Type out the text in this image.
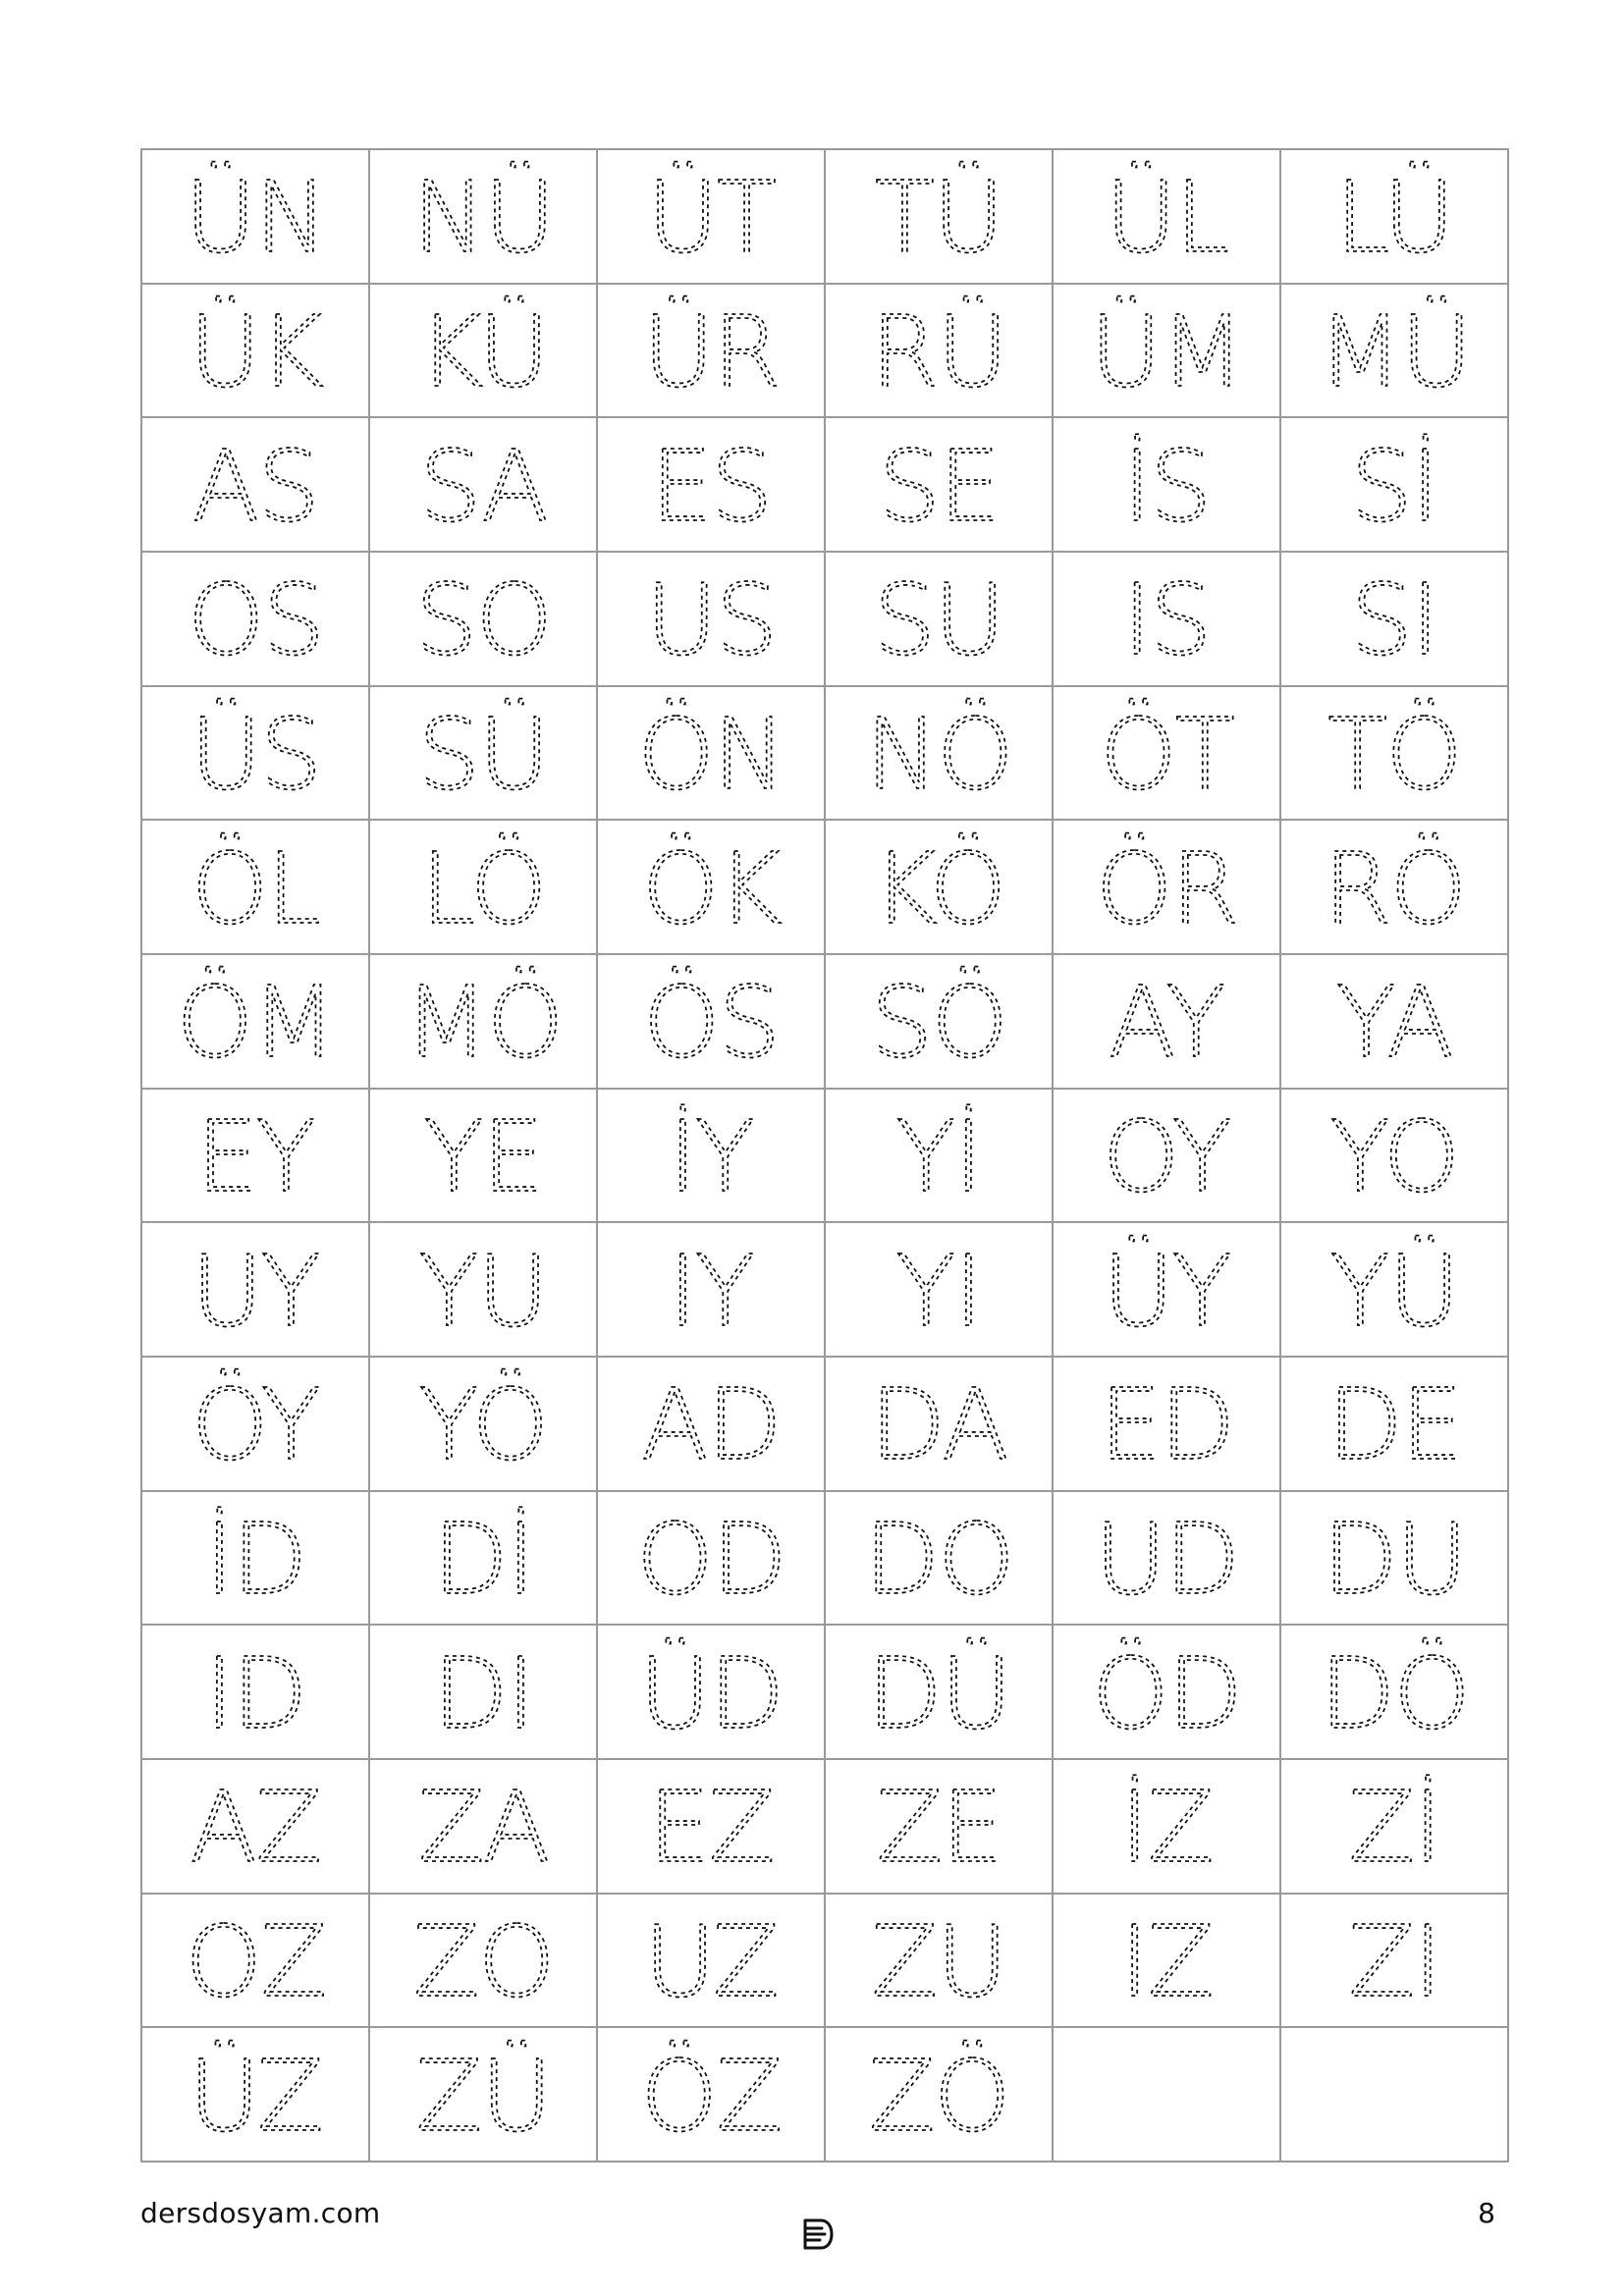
ÜN	NÜ	ÜT	TÜ	ÜL	LÜ

ÜK	KÜ	ÜR	RÜ	ÜM	MÜ

AS	SA	ES	SE	İS	Sİ

OS	SO	US	SU	IS	SI

ÜS	SÜ	ÖN	NÖ	ÖT	TÖ

ÖL	LÖ	ÖK	KÖ	ÖR	RÖ

ÖM	MÖ	ÖS	SÖ	AY	YA

EY	YE	İY	Yİ	OY	YO

UY	YU	IY	YI	ÜY	YÜ

ÖY	YÖ	AD	DA	ED	DE

İD	Dİ	OD	DO	UD	DU

ID	DI	ÜD	DÜ	ÖD	DÖ

AZ	ZA	EZ	ZE	İZ	Zİ

OZ	ZO	UZ	ZU	IZ	ZI

ÜZ	ZÜ	ÖZ	ZÖ		

dersdosyam.com	8
